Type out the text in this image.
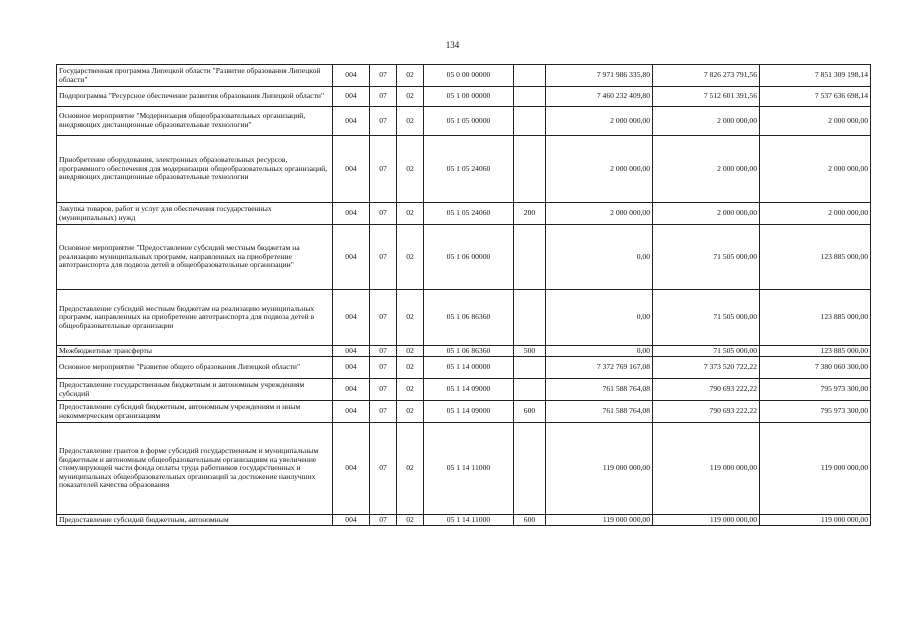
134
Государственная программа Липецкой области "Развитие образования Липецкой области"	004	07	02	05 0 00 00000		7 971 986 335,80	7 826 273 791,56	7 851 309 198,14
Подпрограмма "Ресурсное обеспечение развития образования Липецкой области"	004	07	02	05 1 00 00000		7 460 232 409,80	7 512 601 391,56	7 537 636 698,14
Основное мероприятие "Модернизация общеобразовательных организаций, внедряющих дистанционные образовательные технологии"	004	07	02	05 1 05 00000		2 000 000,00	2 000 000,00	2 000 000,00
Приобретение оборудования, электронных образовательных ресурсов, программного обеспечения для модернизации общеобразовательных организаций, внедряющих дистанционные образовательные технологии	004	07	02	05 1 05 24060		2 000 000,00	2 000 000,00	2 000 000,00
Закупка товаров, работ и услуг для обеспечения государственных (муниципальных) нужд	004	07	02	05 1 05 24060	200	2 000 000,00	2 000 000,00	2 000 000,00
Основное мероприятие "Предоставление субсидий местным бюджетам на реализацию муниципальных программ, направленных на приобретение автотранспорта для подвоза детей в общеобразовательные организации"	004	07	02	05 1 06 00000		0,00	71 505 000,00	123 885 000,00
Предоставление субсидий местным бюджетам на реализацию муниципальных программ, направленных на приобретение автотранспорта для подвоза детей в общеобразовательные организации	004	07	02	05 1 06 86360		0,00	71 505 000,00	123 885 000,00
Межбюджетные трансферты	004	07	02	05 1 06 86360	500	0,00	71 505 000,00	123 885 000,00
Основное мероприятие "Развитие общего образования Липецкой области"	004	07	02	05 1 14 00000		7 372 769 167,08	7 373 520 722,22	7 380 060 300,00
Предоставление государственным бюджетным и автономным учреждениям субсидий	004	07	02	05 1 14 09000		761 588 764,08	790 693 222,22	795 973 300,00
Предоставление субсидий бюджетным, автономным учреждениям и иным некоммерческим организациям	004	07	02	05 1 14 09000	600	761 588 764,08	790 693 222,22	795 973 300,00
Предоставление грантов в форме субсидий государственным и муниципальным бюджетным и автономным общеобразовательным организациям на увеличение стимулирующей части фонда оплаты труда работников государственных и муниципальных общеобразовательных организаций за достижение наилучших показателей качества образования	004	07	02	05 1 14 11000		119 000 000,00	119 000 000,00	119 000 000,00
Предоставление субсидий бюджетным, автономным	004	07	02	05 1 14 11000	600	119 000 000,00	119 000 000,00	119 000 000,00
